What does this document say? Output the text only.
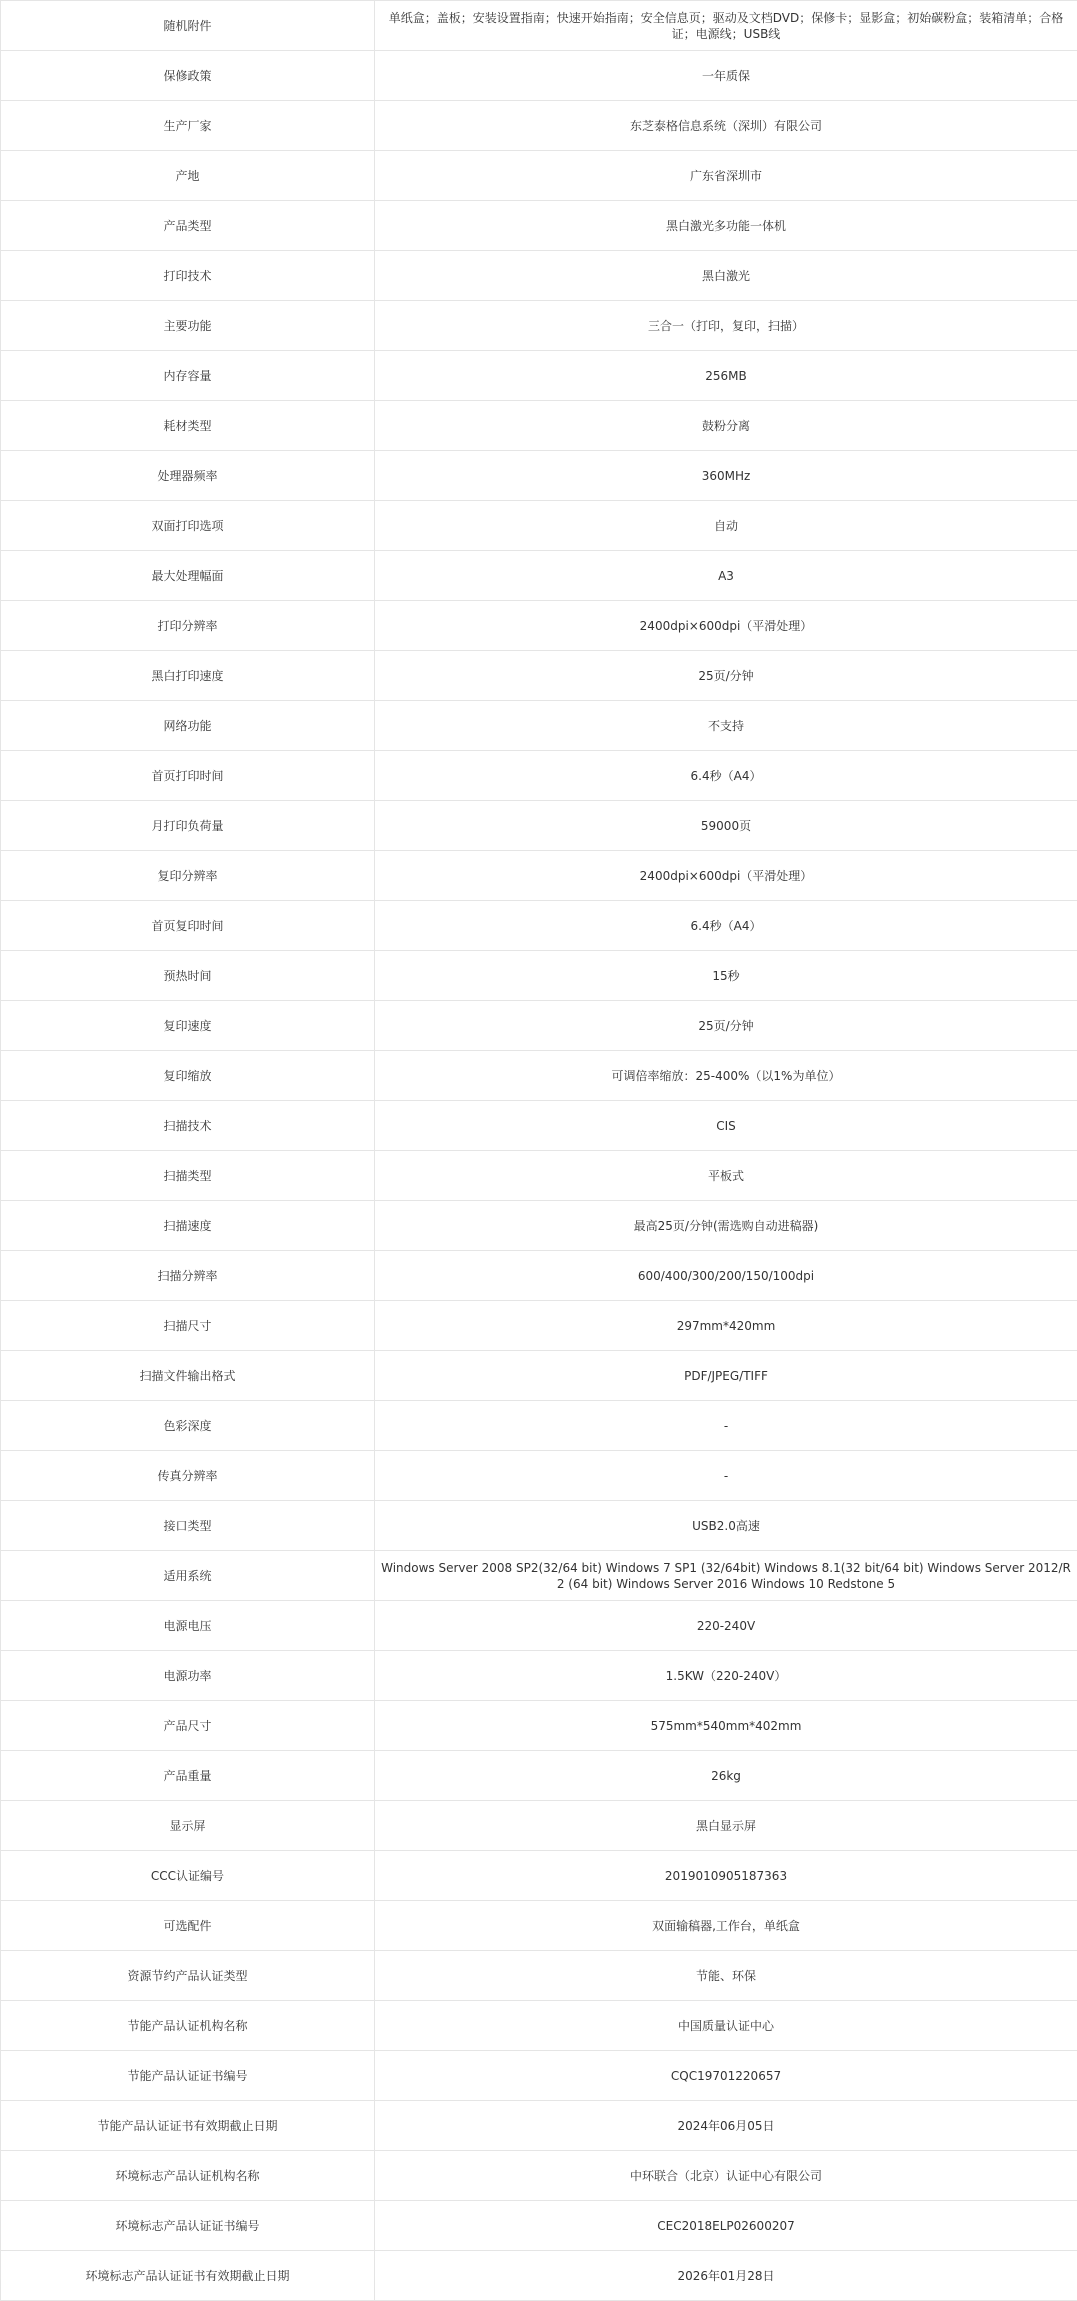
随机附件	单纸盒；盖板；安装设置指南；快速开始指南；安全信息页；驱动及文档DVD；保修卡；显影盒；初始碳粉盒；装箱清单；合格证；电源线；USB线
保修政策	一年质保
生产厂家	东芝泰格信息系统（深圳）有限公司
产地	广东省深圳市
产品类型	黑白激光多功能一体机
打印技术	黑白激光
主要功能	三合一（打印，复印，扫描）
内存容量	256MB
耗材类型	鼓粉分离
处理器频率	360MHz
双面打印选项	自动
最大处理幅面	A3
打印分辨率	2400dpi×600dpi（平滑处理）
黑白打印速度	25页/分钟
网络功能	不支持
首页打印时间	6.4秒（A4）
月打印负荷量	59000页
复印分辨率	2400dpi×600dpi（平滑处理）
首页复印时间	6.4秒（A4）
预热时间	15秒
复印速度	25页/分钟
复印缩放	可调倍率缩放：25-400%（以1%为单位）
扫描技术	CIS
扫描类型	平板式
扫描速度	最高25页/分钟(需选购自动进稿器)
扫描分辨率	600/400/300/200/150/100dpi
扫描尺寸	297mm*420mm
扫描文件输出格式	PDF/JPEG/TIFF
色彩深度	-
传真分辨率	-
接口类型	USB2.0高速
适用系统	Windows Server 2008 SP2(32/64 bit) Windows 7 SP1 (32/64bit) Windows 8.1(32 bit/64 bit) Windows Server 2012/R2 (64 bit) Windows Server 2016 Windows 10 Redstone 5
电源电压	220-240V
电源功率	1.5KW（220-240V）
产品尺寸	575mm*540mm*402mm
产品重量	26kg
显示屏	黑白显示屏
CCC认证编号	2019010905187363
可选配件	双面输稿器,工作台，单纸盒
资源节约产品认证类型	节能、环保
节能产品认证机构名称	中国质量认证中心
节能产品认证证书编号	CQC19701220657
节能产品认证证书有效期截止日期	2024年06月05日
环境标志产品认证机构名称	中环联合（北京）认证中心有限公司
环境标志产品认证证书编号	CEC2018ELP02600207
环境标志产品认证证书有效期截止日期	2026年01月28日
